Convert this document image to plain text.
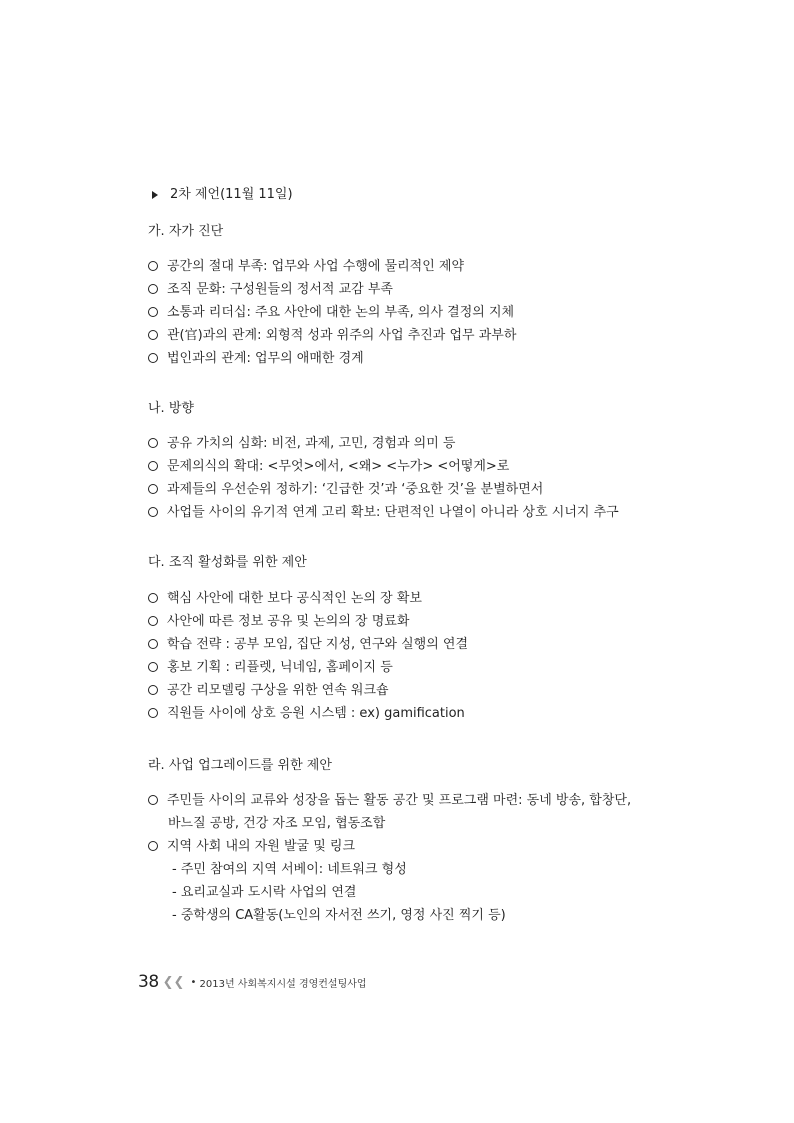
2차 제언(11월 11일)
가. 자가 진단
공간의 절대 부족: 업무와 사업 수행에 물리적인 제약
조직 문화: 구성원들의 정서적 교감 부족
소통과 리더십: 주요 사안에 대한 논의 부족, 의사 결정의 지체
관(官)과의 관계: 외형적 성과 위주의 사업 추진과 업무 과부하
법인과의 관계: 업무의 애매한 경계
나. 방향
공유 가치의 심화: 비전, 과제, 고민, 경험과 의미 등
문제의식의 확대: <무엇>에서, <왜> <누가> <어떻게>로
과제들의 우선순위 정하기: ‘긴급한 것’과 ‘중요한 것’을 분별하면서
사업들 사이의 유기적 연계 고리 확보: 단편적인 나열이 아니라 상호 시너지 추구
다. 조직 활성화를 위한 제안
핵심 사안에 대한 보다 공식적인 논의 장 확보
사안에 따른 정보 공유 및 논의의 장 명료화
학습 전략 : 공부 모임, 집단 지성, 연구와 실행의 연결
홍보 기획 : 리플렛, 닉네임, 홈페이지 등
공간 리모델링 구상을 위한 연속 워크숍
직원들 사이에 상호 응원 시스템 : ex) gamification
라. 사업 업그레이드를 위한 제안
주민들 사이의 교류와 성장을 돕는 활동 공간 및 프로그램 마련: 동네 방송, 합창단,
바느질 공방, 건강 자조 모임, 협동조합
지역 사회 내의 자원 발굴 및 링크
- 주민 참여의 지역 서베이: 네트워크 형성
- 요리교실과 도시락 사업의 연결
- 중학생의 CA활동(노인의 자서전 쓰기, 영정 사진 찍기 등)
38 ❮❮ • 2013년 사회복지시설 경영컨설팅사업
